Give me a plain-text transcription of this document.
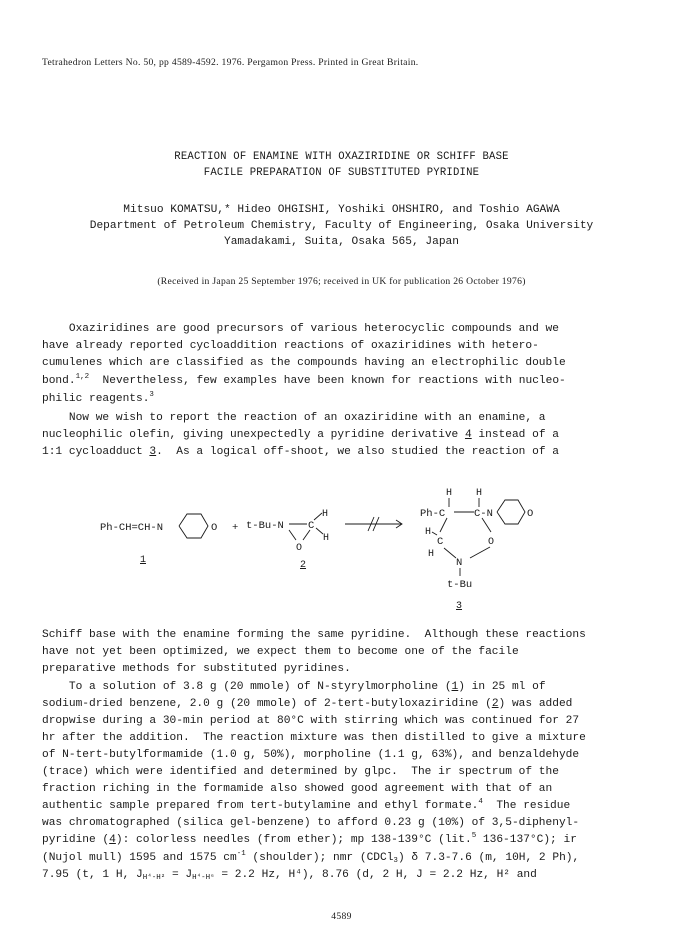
Tetrahedron Letters No. 50, pp 4589-4592. 1976. Pergamon Press. Printed in Great Britain.
REACTION OF ENAMINE WITH OXAZIRIDINE OR SCHIFF BASE
FACILE PREPARATION OF SUBSTITUTED PYRIDINE
Mitsuo KOMATSU,* Hideo OHGISHI, Yoshiki OHSHIRO, and Toshio AGAWA
Department of Petroleum Chemistry, Faculty of Engineering, Osaka University
Yamadakami, Suita, Osaka 565, Japan
(Received in Japan 25 September 1976; received in UK for publication 26 October 1976)
Oxaziridines are good precursors of various heterocyclic compounds and we
have already reported cycloaddition reactions of oxaziridines with hetero-
cumulenes which are classified as the compounds having an electrophilic double
bond.$^{1,2}$  Nevertheless, few examples have been known for reactions with nucleo-
philic reagents.$^3$
Now we wish to report the reaction of an oxaziridine with an enamine, a
nucleophilic olefin, giving unexpectedly a pyridine derivative 4 instead of a
1:1 cycloadduct 3.  As a logical off-shoot, we also studied the reaction of a
Ph-CH=CH-N	O
1
+ t-Bu-N C
H
H
O
2
H H
Ph-C	C-N	O
H
C
H
O
N
t-Bu
3
Schiff base with the enamine forming the same pyridine.  Although these reactions
have not yet been optimized, we expect them to become one of the facile
preparative methods for substituted pyridines.
To a solution of 3.8 g (20 mmole) of N-styrylmorpholine (1) in 25 ml of
sodium-dried benzene, 2.0 g (20 mmole) of 2-tert-butyloxaziridine (2) was added
dropwise during a 30-min period at 80°C with stirring which was continued for 27
hr after the addition.  The reaction mixture was then distilled to give a mixture
of N-tert-butylformamide (1.0 g, 50%), morpholine (1.1 g, 63%), and benzaldehyde
(trace) which were identified and determined by glpc.  The ir spectrum of the
fraction riching in the formamide also showed good agreement with that of an
authentic sample prepared from tert-butylamine and ethyl formate.$^4$  The residue
was chromatographed (silica gel-benzene) to afford 0.23 g (10%) of 3,5-diphenyl-
pyridine (4): colorless needles (from ether); mp 138-139°C (lit.$^5$ 136-137°C); ir
(Nujol mull) 1595 and 1575 $cm^{-1}$ (shoulder); nmr (CDCl$_3$) δ 7.3-7.6 (m, 10H, 2 Ph),
7.95 (t, 1 H, $J_{H^4-H^2} = J_{H^4-H^6} = 2.2$ Hz, H⁴), 8.76 (d, 2 H, J = 2.2 Hz, H² and
4589
